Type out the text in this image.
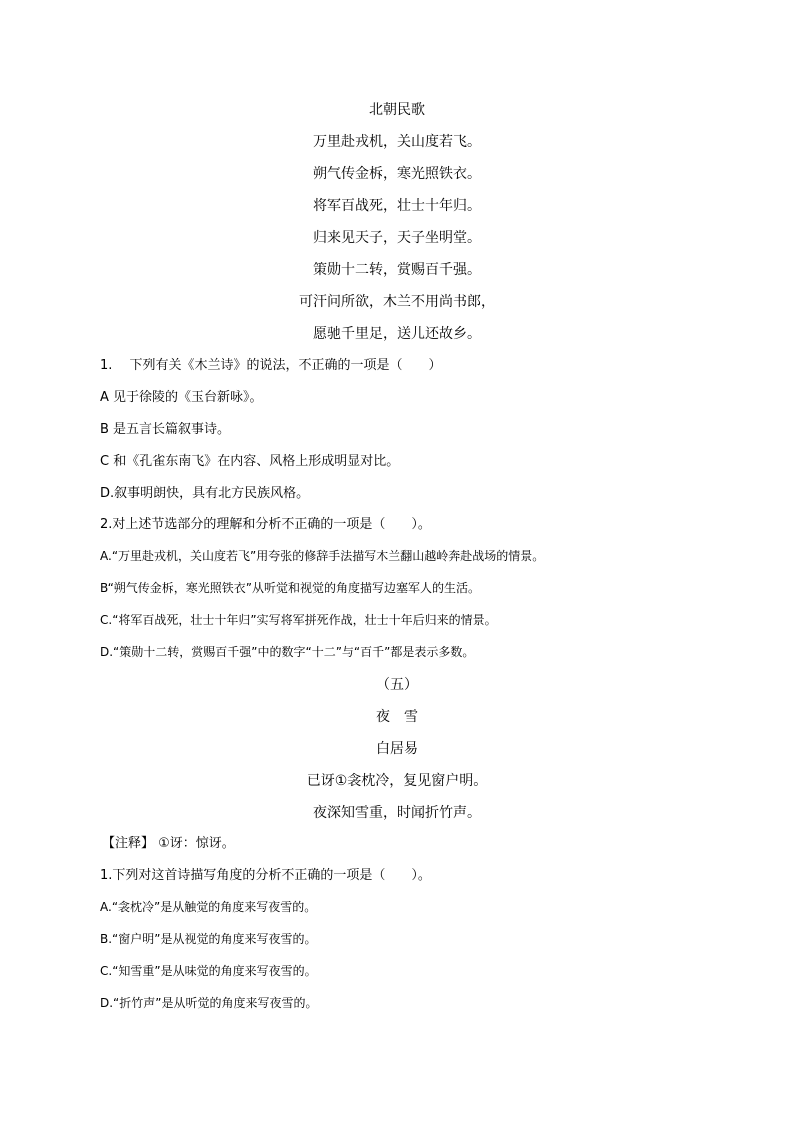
北朝民歌
万里赴戎机，关山度若飞。
朔气传金柝，寒光照铁衣。
将军百战死，壮士十年归。
归来见天子，天子坐明堂。
策勋十二转，赏赐百千强。
可汗问所欲，木兰不用尚书郎，
愿驰千里足，送儿还故乡。
1.　 下列有关《木兰诗》的说法，不正确的一项是（　　）
A 见于徐陵的《玉台新咏》。
B 是五言长篇叙事诗。
C 和《孔雀东南飞》在内容、风格上形成明显对比。
D.叙事明朗快，具有北方民族风格。
2.对上述节选部分的理解和分析不正确的一项是（　　）。
A.“万里赴戎机，关山度若飞”用夸张的修辞手法描写木兰翻山越岭奔赴战场的情景。
B“朔气传金柝，寒光照铁衣”从听觉和视觉的角度描写边塞军人的生活。
C.“将军百战死，壮士十年归”实写将军拼死作战，壮士十年后归来的情景。
D.“策勋十二转，赏赐百千强”中的数字“十二”与“百千”都是表示多数。
（五）
夜　雪
白居易
已讶①衾枕冷，复见窗户明。
夜深知雪重，时闻折竹声。
【注释】 ①讶：惊讶。
1.下列对这首诗描写角度的分析不正确的一项是（　　）。
A.“衾枕冷”是从触觉的角度来写夜雪的。
B.“窗户明”是从视觉的角度来写夜雪的。
C.“知雪重”是从味觉的角度来写夜雪的。
D.“折竹声”是从听觉的角度来写夜雪的。
